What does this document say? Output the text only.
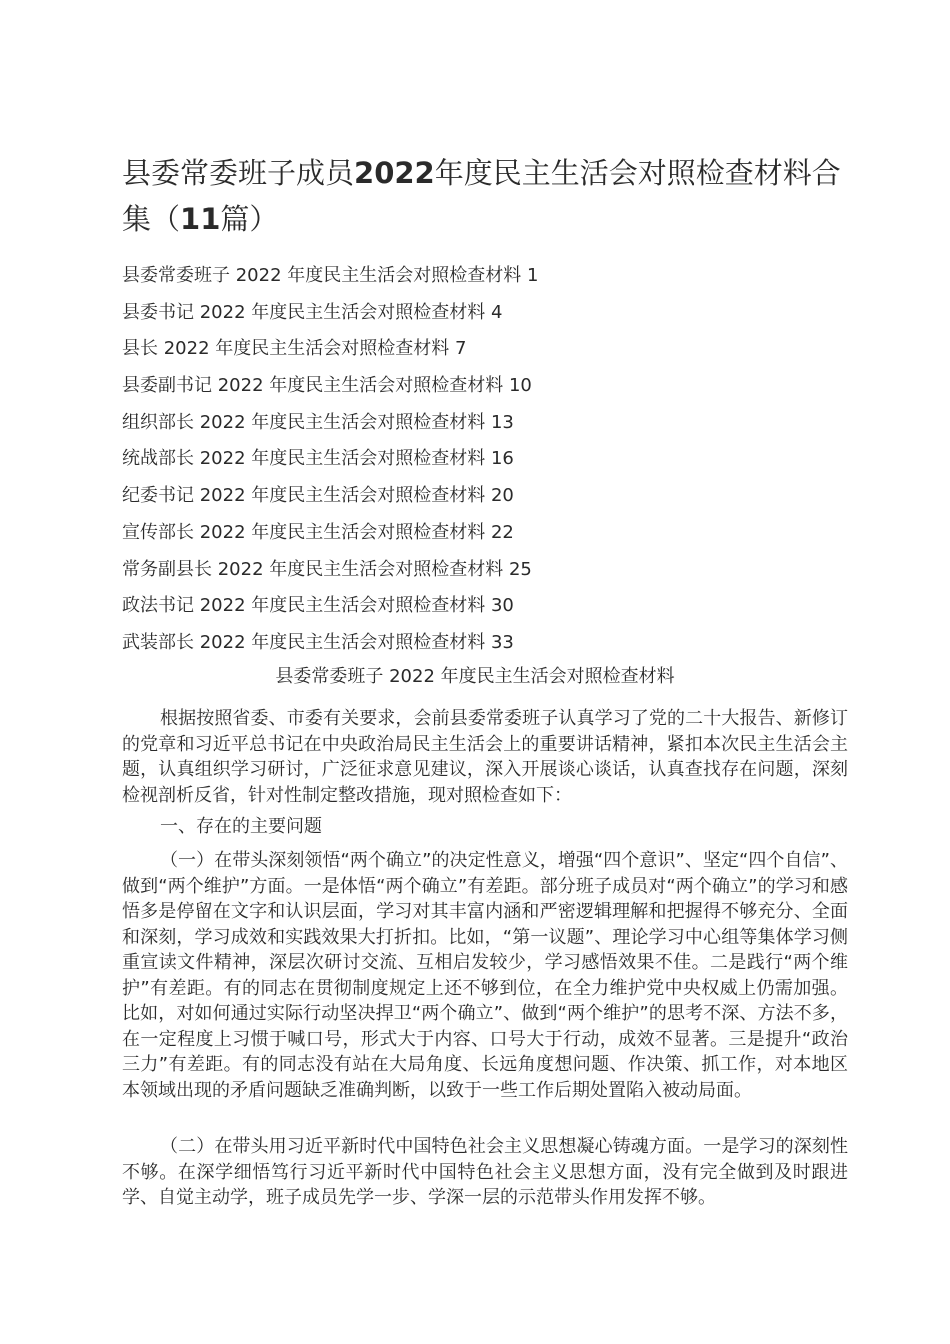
县委常委班子成员2022年度民主生活会对照检查材料合集（11篇）
县委常委班子 2022 年度民主生活会对照检查材料 1
县委书记 2022 年度民主生活会对照检查材料 4
县长 2022 年度民主生活会对照检查材料 7
县委副书记 2022 年度民主生活会对照检查材料 10
组织部长 2022 年度民主生活会对照检查材料 13
统战部长 2022 年度民主生活会对照检查材料 16
纪委书记 2022 年度民主生活会对照检查材料 20
宣传部长 2022 年度民主生活会对照检查材料 22
常务副县长 2022 年度民主生活会对照检查材料 25
政法书记 2022 年度民主生活会对照检查材料 30
武装部长 2022 年度民主生活会对照检查材料 33
县委常委班子 2022 年度民主生活会对照检查材料

根据按照省委、市委有关要求，会前县委常委班子认真学习了党的二十大报告、新修订的党章和习近平总书记在中央政治局民主生活会上的重要讲话精神，紧扣本次民主生活会主题，认真组织学习研讨，广泛征求意见建议，深入开展谈心谈话，认真查找存在问题，深刻检视剖析反省，针对性制定整改措施，现对照检查如下：

一、存在的主要问题

（一）在带头深刻领悟“两个确立”的决定性意义，增强“四个意识”、坚定“四个自信”、做到“两个维护”方面。一是体悟“两个确立”有差距。部分班子成员对“两个确立”的学习和感悟多是停留在文字和认识层面，学习对其丰富内涵和严密逻辑理解和把握得不够充分、全面和深刻，学习成效和实践效果大打折扣。比如，“第一议题”、理论学习中心组等集体学习侧重宣读文件精神，深层次研讨交流、互相启发较少，学习感悟效果不佳。二是践行“两个维护”有差距。有的同志在贯彻制度规定上还不够到位，在全力维护党中央权威上仍需加强。比如，对如何通过实际行动坚决捍卫“两个确立”、做到“两个维护”的思考不深、方法不多，在一定程度上习惯于喊口号，形式大于内容、口号大于行动，成效不显著。三是提升“政治三力”有差距。有的同志没有站在大局角度、长远角度想问题、作决策、抓工作，对本地区本领域出现的矛盾问题缺乏准确判断，以致于一些工作后期处置陷入被动局面。

（二）在带头用习近平新时代中国特色社会主义思想凝心铸魂方面。一是学习的深刻性不够。在深学细悟笃行习近平新时代中国特色社会主义思想方面，没有完全做到及时跟进学、自觉主动学，班子成员先学一步、学深一层的示范带头作用发挥不够。
